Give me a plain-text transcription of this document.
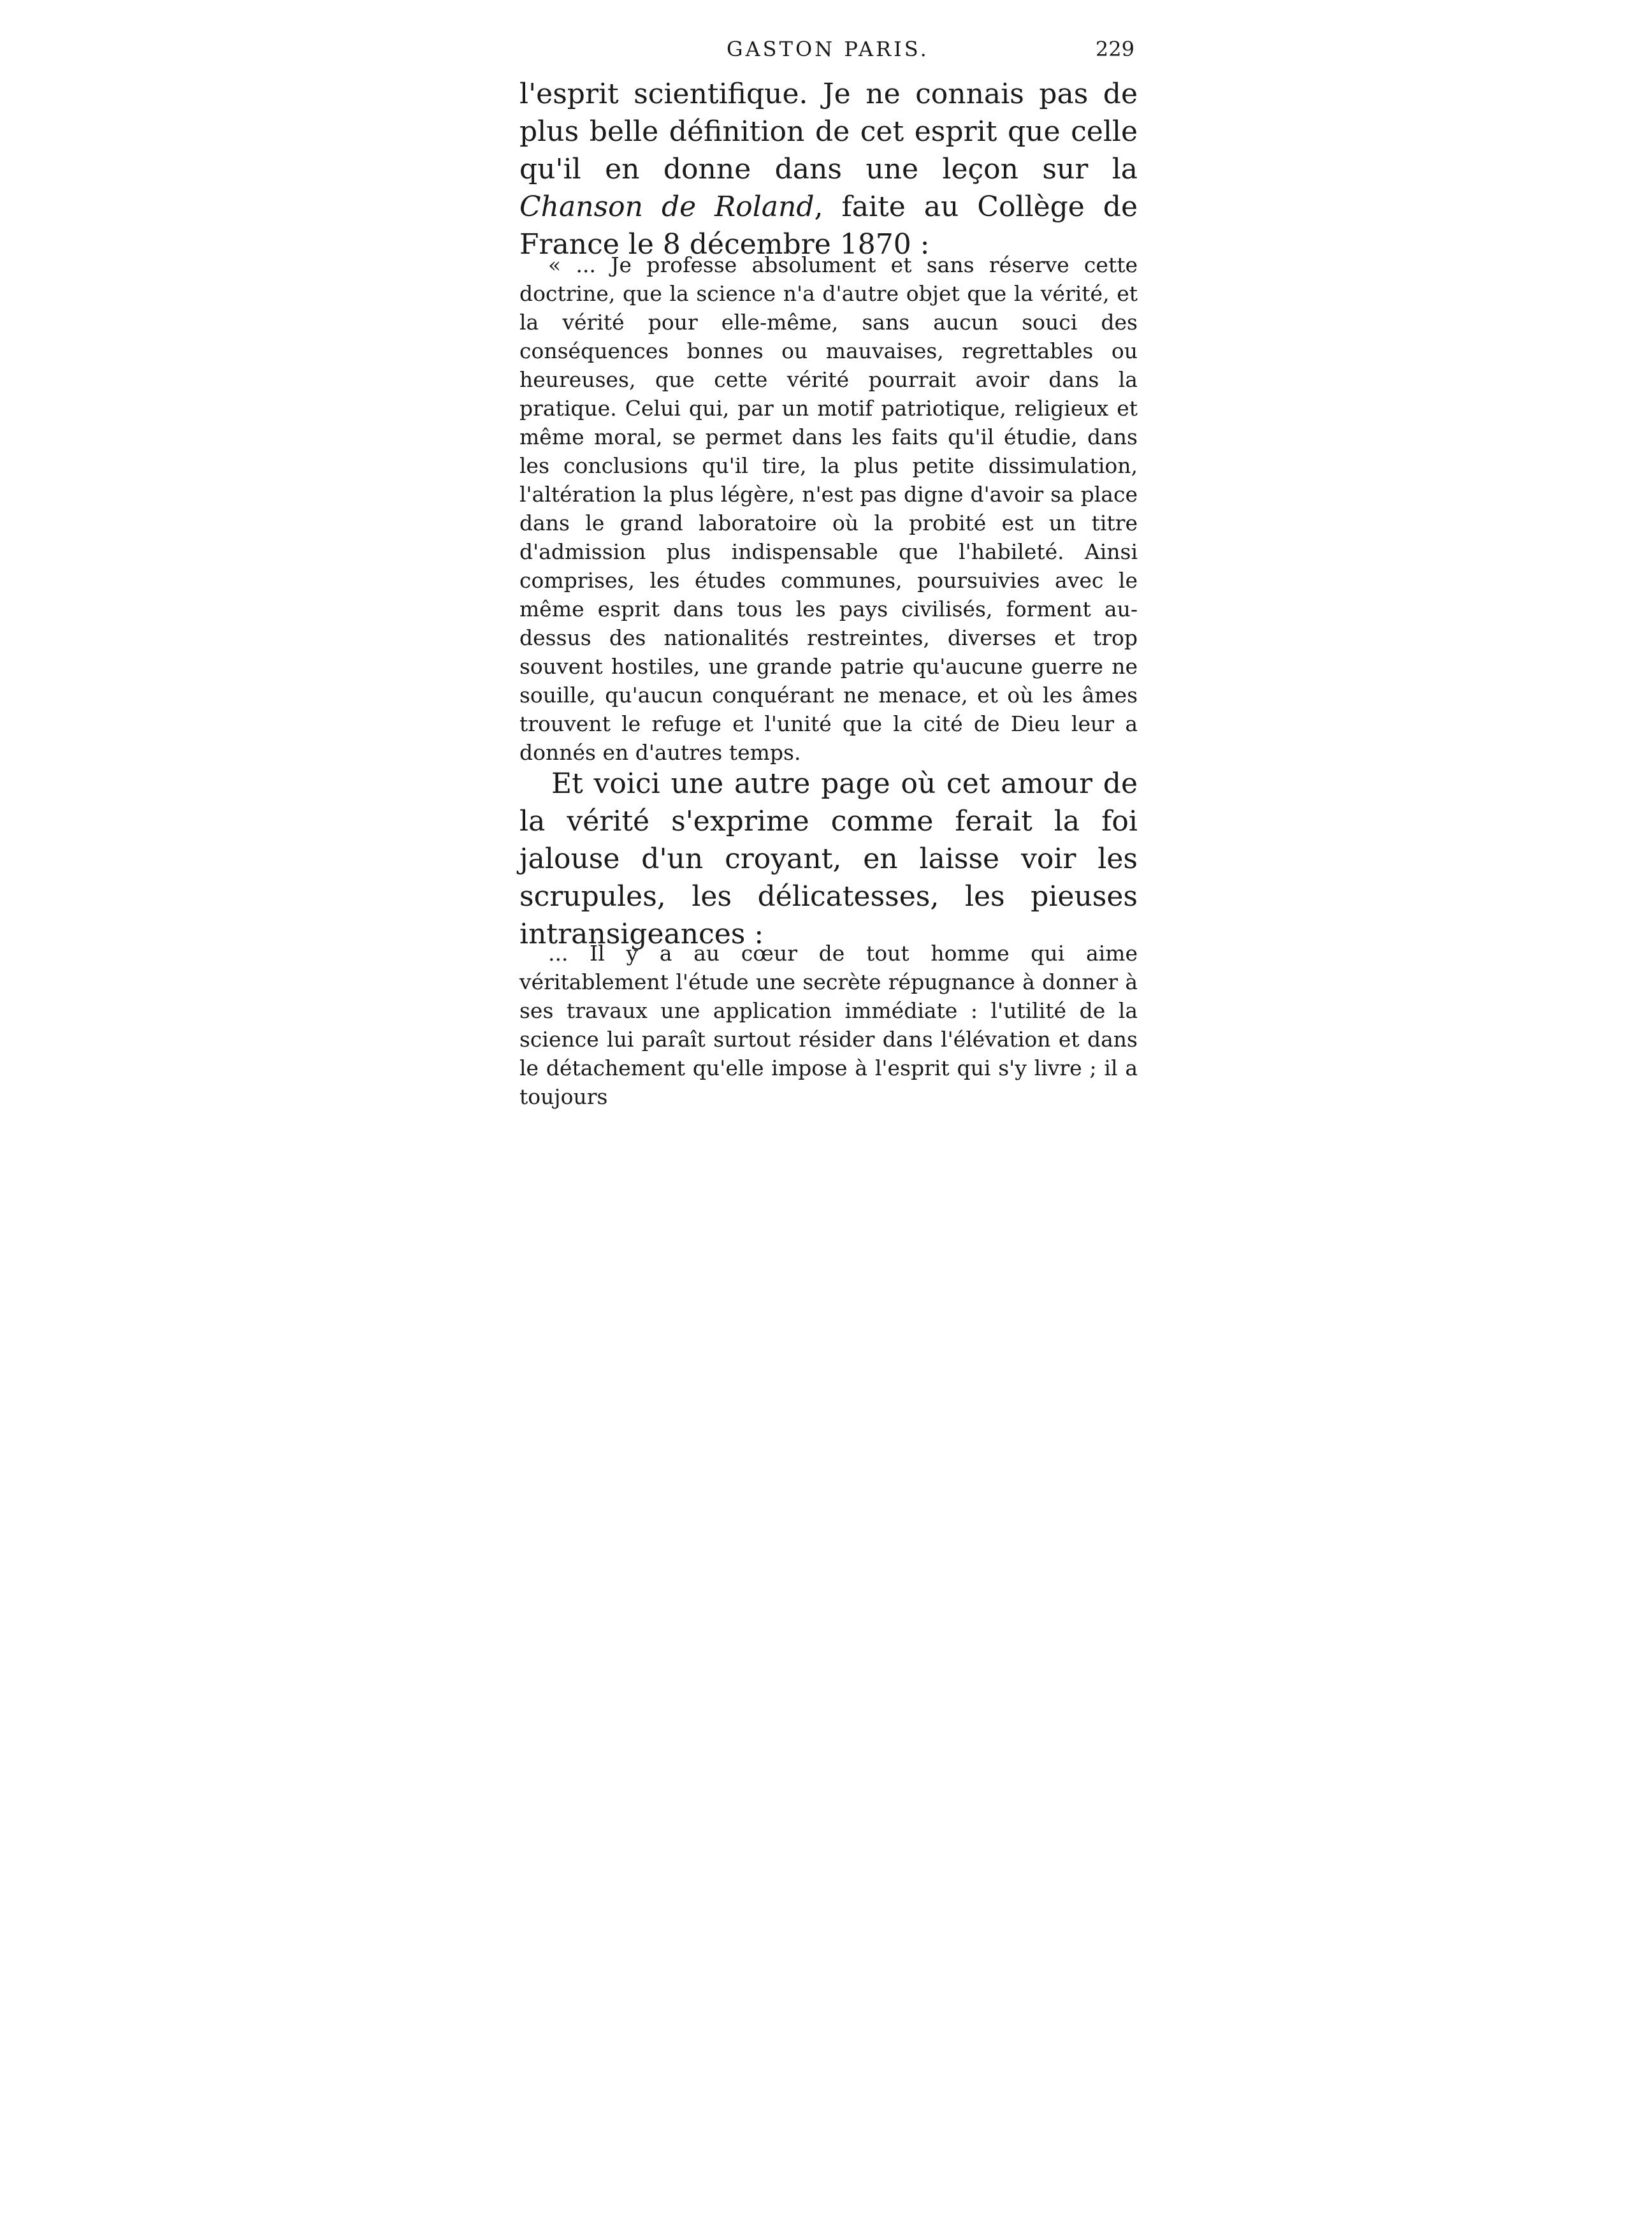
GASTON PARIS.	229

l'esprit scientifique. Je ne connais pas de plus belle définition de cet esprit que celle qu'il en donne dans une leçon sur la Chanson de Roland, faite au Collège de France le 8 décembre 1870 :

« ... Je professe absolument et sans réserve cette doctrine, que la science n'a d'autre objet que la vérité, et la vérité pour elle-même, sans aucun souci des conséquences bonnes ou mauvaises, regrettables ou heureuses, que cette vérité pourrait avoir dans la pratique. Celui qui, par un motif patriotique, religieux et même moral, se permet dans les faits qu'il étudie, dans les conclusions qu'il tire, la plus petite dissimulation, l'altération la plus légère, n'est pas digne d'avoir sa place dans le grand laboratoire où la probité est un titre d'admission plus indispensable que l'habileté. Ainsi comprises, les études communes, poursuivies avec le même esprit dans tous les pays civilisés, forment au-dessus des nationalités restreintes, diverses et trop souvent hostiles, une grande patrie qu'aucune guerre ne souille, qu'aucun conquérant ne menace, et où les âmes trouvent le refuge et l'unité que la cité de Dieu leur a donnés en d'autres temps.

Et voici une autre page où cet amour de la vérité s'exprime comme ferait la foi jalouse d'un croyant, en laisse voir les scrupules, les délicatesses, les pieuses intransigeances :

... Il y a au cœur de tout homme qui aime véritablement l'étude une secrète répugnance à donner à ses travaux une application immédiate : l'utilité de la science lui paraît surtout résider dans l'élévation et dans le détachement qu'elle impose à l'esprit qui s'y livre ; il a toujours
